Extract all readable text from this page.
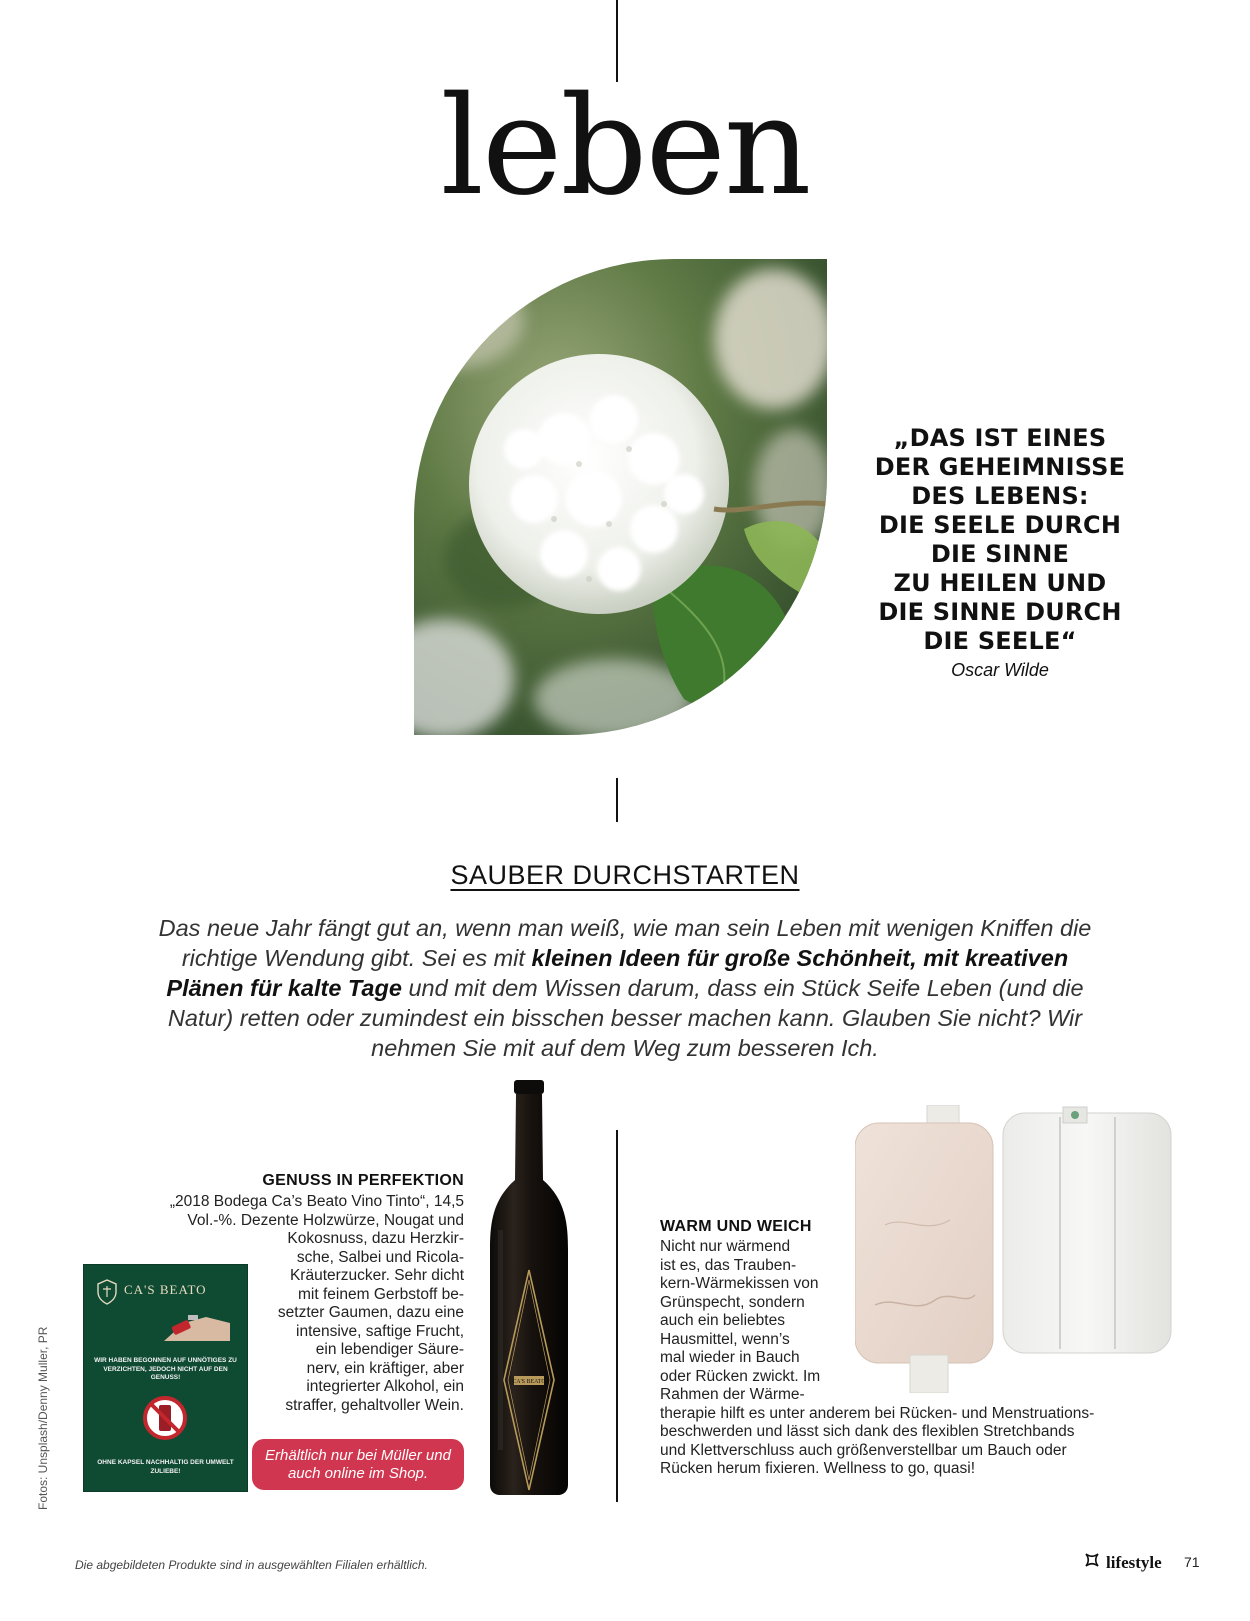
leben
„DAS IST EINES
DER GEHEIMNISSE
DES LEBENS:
DIE SEELE DURCH
DIE SINNE
ZU HEILEN UND
DIE SINNE DURCH
DIE SEELE“
Oscar Wilde
SAUBER DURCHSTARTEN
Das neue Jahr fängt gut an, wenn man weiß, wie man sein Leben mit wenigen Kniffen die richtige Wendung gibt. Sei es mit kleinen Ideen für große Schönheit, mit kreativen Plänen für kalte Tage und mit dem Wissen darum, dass ein Stück Seife Leben (und die Natur) retten oder zumindest ein bisschen besser machen kann. Glauben Sie nicht? Wir nehmen Sie mit auf dem Weg zum besseren Ich.
GENUSS IN PERFEKTION
„2018 Bodega Ca’s Beato Vino Tinto“, 14,5
Vol.-%. Dezente Holzwürze, Nougat und
Kokosnuss, dazu Herzkir-
sche, Salbei und Ricola-
Kräuterzucker. Sehr dicht
mit feinem Gerbstoff be-
setzter Gaumen, dazu eine
intensive, saftige Frucht,
ein lebendiger Säure-
nerv, ein kräftiger, aber
integrierter Alkohol, ein
straffer, gehaltvoller Wein.
CA'S BEATO
WIR HABEN BEGONNEN AUF UNNÖTIGES ZU VERZICHTEN, JEDOCH NICHT AUF DEN GENUSS!
OHNE KAPSEL NACHHALTIG DER UMWELT ZULIEBE!
Erhältlich nur bei Müller und auch online im Shop.
CA'S BEATO
WARM UND WEICH
Nicht nur wärmend
ist es, das Trauben-
kern-Wärmekissen von
Grünspecht, sondern
auch ein beliebtes
Hausmittel, wenn’s
mal wieder in Bauch
oder Rücken zwickt. Im
Rahmen der Wärme-
therapie hilft es unter anderem bei Rücken- und Menstruations-
beschwerden und lässt sich dank des flexiblen Stretchbands
und Klettverschluss auch größenverstellbar um Bauch oder
Rücken herum fixieren. Wellness to go, quasi!
Fotos: Unsplash/Denny Muller, PR
Die abgebildeten Produkte sind in ausgewählten Filialen erhältlich.	lifestyle 71
